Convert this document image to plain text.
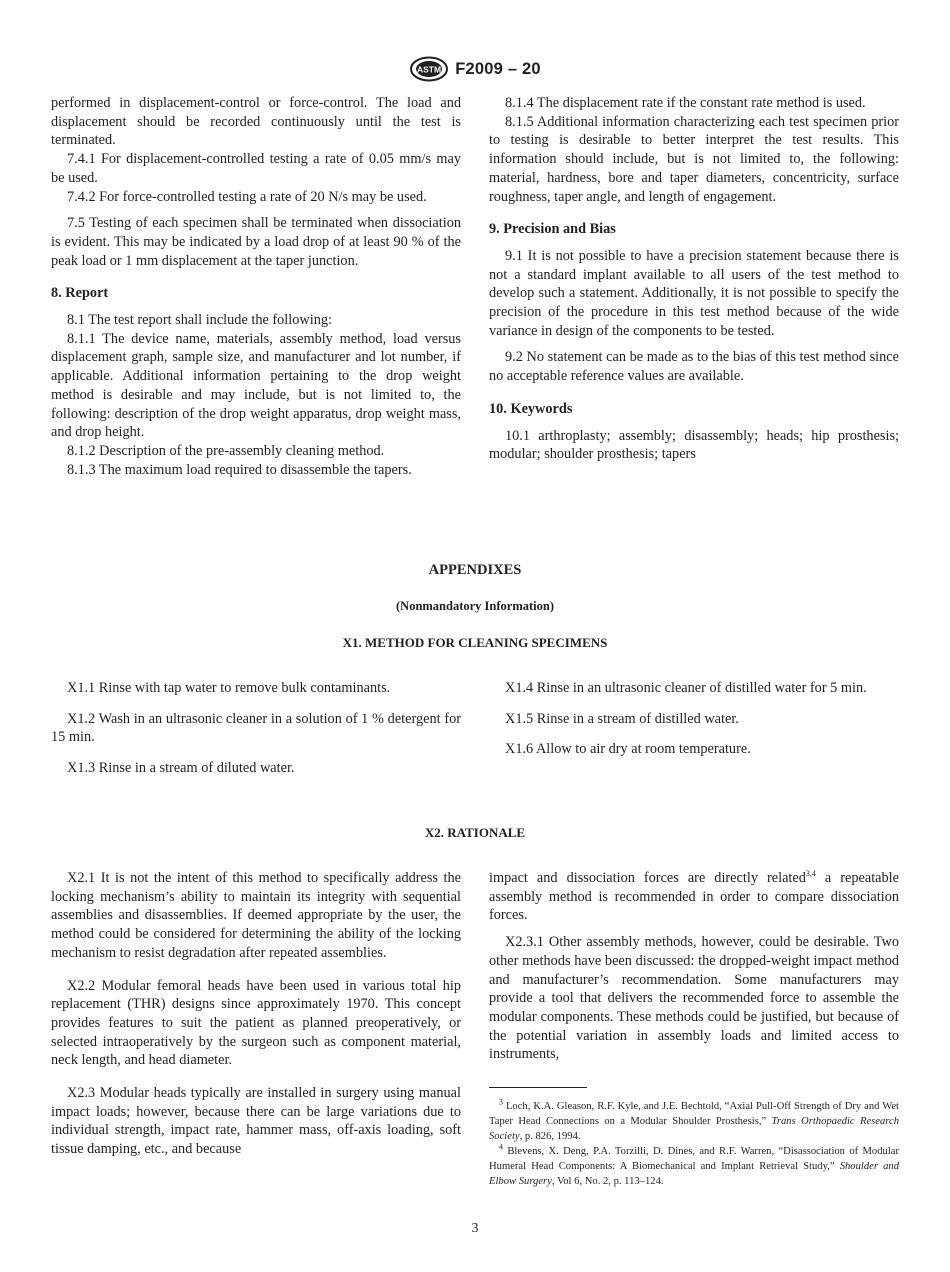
ASTM F2009 – 20

performed in displacement-control or force-control. The load and displacement should be recorded continuously until the test is terminated.

7.4.1 For displacement-controlled testing a rate of 0.05 mm/s may be used.

7.4.2 For force-controlled testing a rate of 20 N/s may be used.

7.5 Testing of each specimen shall be terminated when dissociation is evident. This may be indicated by a load drop of at least 90 % of the peak load or 1 mm displacement at the taper junction.

8. Report

8.1 The test report shall include the following:

8.1.1 The device name, materials, assembly method, load versus displacement graph, sample size, and manufacturer and lot number, if applicable. Additional information pertaining to the drop weight method is desirable and may include, but is not limited to, the following: description of the drop weight apparatus, drop weight mass, and drop height.

8.1.2 Description of the pre-assembly cleaning method.

8.1.3 The maximum load required to disassemble the tapers.

8.1.4 The displacement rate if the constant rate method is used.

8.1.5 Additional information characterizing each test specimen prior to testing is desirable to better interpret the test results. This information should include, but is not limited to, the following: material, hardness, bore and taper diameters, concentricity, surface roughness, taper angle, and length of engagement.

9. Precision and Bias

9.1 It is not possible to have a precision statement because there is not a standard implant available to all users of the test method to develop such a statement. Additionally, it is not possible to specify the precision of the procedure in this test method because of the wide variance in design of the components to be tested.

9.2 No statement can be made as to the bias of this test method since no acceptable reference values are available.

10. Keywords

10.1 arthroplasty; assembly; disassembly; heads; hip prosthesis; modular; shoulder prosthesis; tapers

APPENDIXES
(Nonmandatory Information)
X1. METHOD FOR CLEANING SPECIMENS

X1.1 Rinse with tap water to remove bulk contaminants.

X1.2 Wash in an ultrasonic cleaner in a solution of 1 % detergent for 15 min.

X1.3 Rinse in a stream of diluted water.

X1.4 Rinse in an ultrasonic cleaner of distilled water for 5 min.

X1.5 Rinse in a stream of distilled water.

X1.6 Allow to air dry at room temperature.

X2. RATIONALE

X2.1 It is not the intent of this method to specifically address the locking mechanism’s ability to maintain its integrity with sequential assemblies and disassemblies. If deemed appropriate by the user, the method could be considered for determining the ability of the locking mechanism to resist degradation after repeated assemblies.

X2.2 Modular femoral heads have been used in various total hip replacement (THR) designs since approximately 1970. This concept provides features to suit the patient as planned preoperatively, or selected intraoperatively by the surgeon such as component material, neck length, and head diameter.

X2.3 Modular heads typically are installed in surgery using manual impact loads; however, because there can be large variations due to individual strength, impact rate, hammer mass, off-axis loading, soft tissue damping, etc., and because

impact and dissociation forces are directly related$^{3,4}$ a repeatable assembly method is recommended in order to compare dissociation forces.

X2.3.1 Other assembly methods, however, could be desirable. Two other methods have been discussed: the dropped-weight impact method and manufacturer’s recommendation. Some manufacturers may provide a tool that delivers the recommended force to assemble the modular components. These methods could be justified, but because of the potential variation in assembly loads and limited access to instruments,

$^3$ Loch, K.A. Gleason, R.F. Kyle, and J.E. Bechtold, “Axial Pull-Off Strength of Dry and Wet Taper Head Connections on a Modular Shoulder Prosthesis,” Trans Orthopaedic Research Society, p. 826, 1994.

$^4$ Blevens, X. Deng, P.A. Torzilli, D. Dines, and R.F. Warren, “Disassociation of Modular Humeral Head Components: A Biomechanical and Implant Retrieval Study,” Shoulder and Elbow Surgery, Vol 6, No. 2, p. 113–124.

3
